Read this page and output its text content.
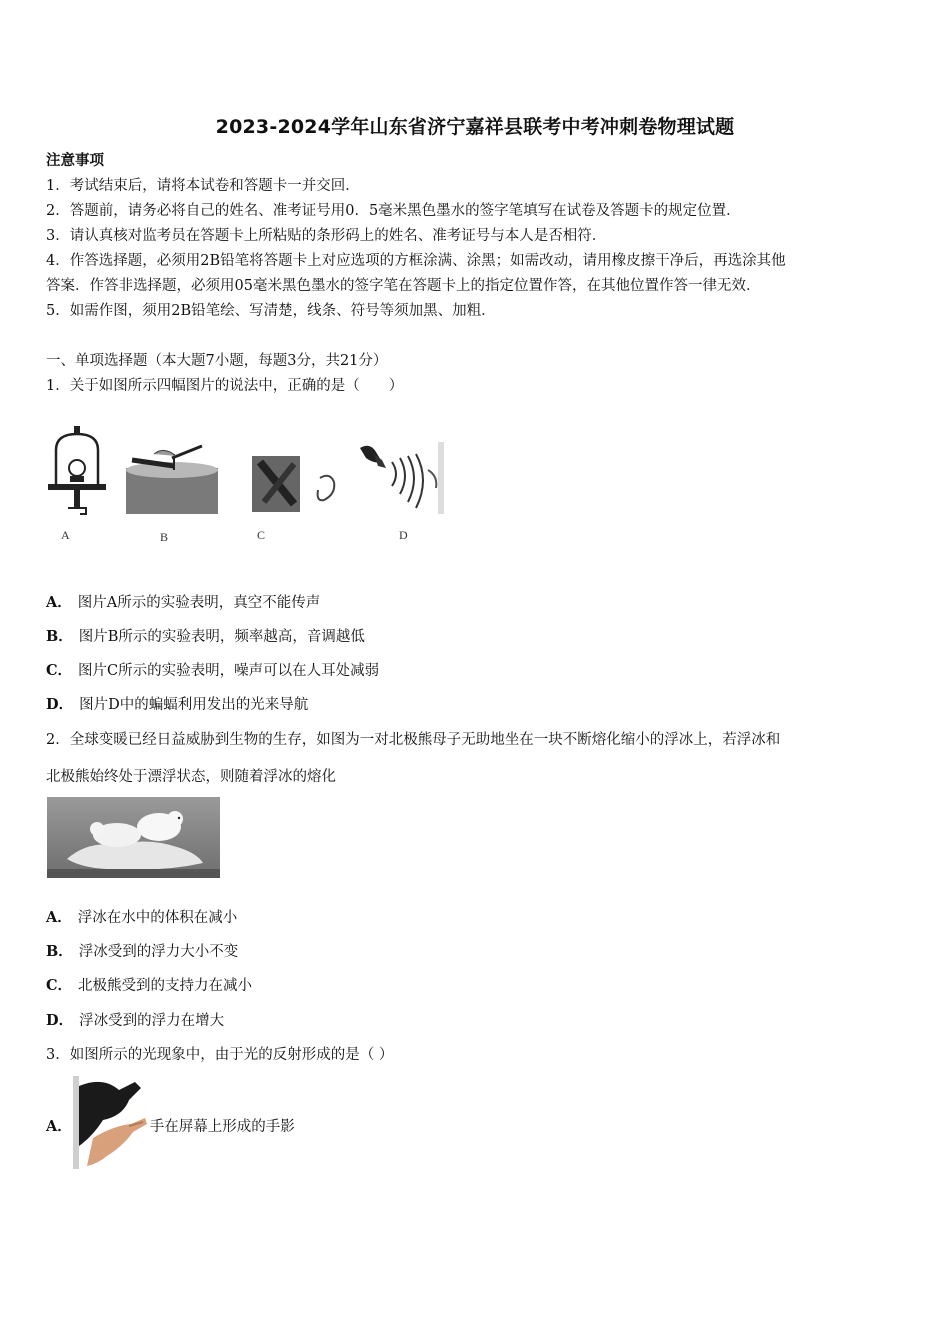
2023-2024学年山东省济宁嘉祥县联考中考冲刺卷物理试题
注意事项
1．考试结束后，请将本试卷和答题卡一并交回．
2．答题前，请务必将自己的姓名、准考证号用0．5毫米黑色墨水的签字笔填写在试卷及答题卡的规定位置．
3．请认真核对监考员在答题卡上所粘贴的条形码上的姓名、准考证号与本人是否相符．
4．作答选择题，必须用2B铅笔将答题卡上对应选项的方框涂满、涂黑；如需改动，请用橡皮擦干净后，再选涂其他
答案．作答非选择题，必须用05毫米黑色墨水的签字笔在答题卡上的指定位置作答，在其他位置作答一律无效．
5．如需作图，须用2B铅笔绘、写清楚，线条、符号等须加黑、加粗．
一、单项选择题（本大题7小题，每题3分，共21分）
1．关于如图所示四幅图片的说法中，正确的是（　　）
A	B	C	D
A． 图片A所示的实验表明，真空不能传声
B． 图片B所示的实验表明，频率越高，音调越低
C． 图片C所示的实验表明，噪声可以在人耳处减弱
D． 图片D中的蝙蝠利用发出的光来导航
2．全球变暖已经日益威胁到生物的生存，如图为一对北极熊母子无助地坐在一块不断熔化缩小的浮冰上，若浮冰和
北极熊始终处于漂浮状态，则随着浮冰的熔化
A． 浮冰在水中的体积在减小
B． 浮冰受到的浮力大小不变
C． 北极熊受到的支持力在减小
D． 浮冰受到的浮力在增大
3．如图所示的光现象中，由于光的反射形成的是（ ）
A．	手在屏幕上形成的手影
